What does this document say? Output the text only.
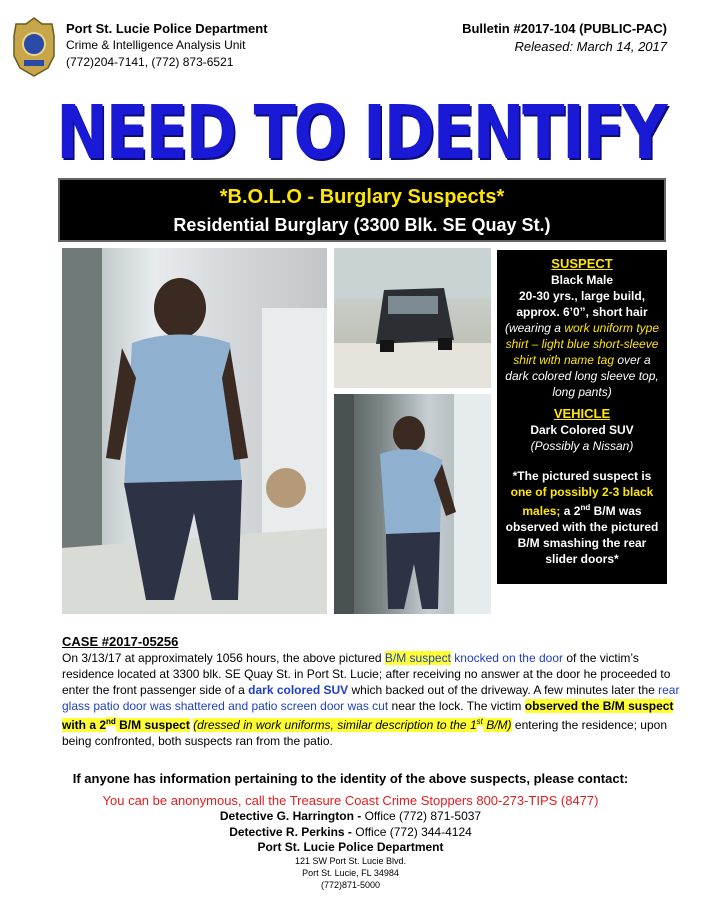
Port St. Lucie Police Department
Crime & Intelligence Analysis Unit
(772)204-7141, (772) 873-6521
Bulletin #2017-104 (PUBLIC-PAC)
Released: March 14, 2017
NEED TO IDENTIFY
*B.O.L.O - Burglary Suspects*
Residential Burglary (3300 Blk. SE Quay St.)
SUSPECT
Black Male
20-30 yrs., large build, approx. 6’0”, short hair
(wearing a work uniform type shirt – light blue short-sleeve shirt with name tag over a dark colored long sleeve top, long pants)
VEHICLE
Dark Colored SUV
(Possibly a Nissan)
*The pictured suspect is one of possibly 2-3 black males; a 2nd B/M was observed with the pictured B/M smashing the rear slider doors*
CASE #2017-05256
On 3/13/17 at approximately 1056 hours, the above pictured B/M suspect knocked on the door of the victim’s residence located at 3300 blk. SE Quay St. in Port St. Lucie; after receiving no answer at the door he proceeded to enter the front passenger side of a dark colored SUV which backed out of the driveway. A few minutes later the rear glass patio door was shattered and patio screen door was cut near the lock. The victim observed the B/M suspect with a 2nd B/M suspect (dressed in work uniforms, similar description to the 1st B/M) entering the residence; upon being confronted, both suspects ran from the patio.
If anyone has information pertaining to the identity of the above suspects, please contact:
You can be anonymous, call the Treasure Coast Crime Stoppers 800-273-TIPS (8477)
Detective G. Harrington - Office (772) 871-5037
Detective R. Perkins - Office (772) 344-4124
Port St. Lucie Police Department
121 SW Port St. Lucie Blvd.
Port St. Lucie, FL 34984
(772)871-5000
